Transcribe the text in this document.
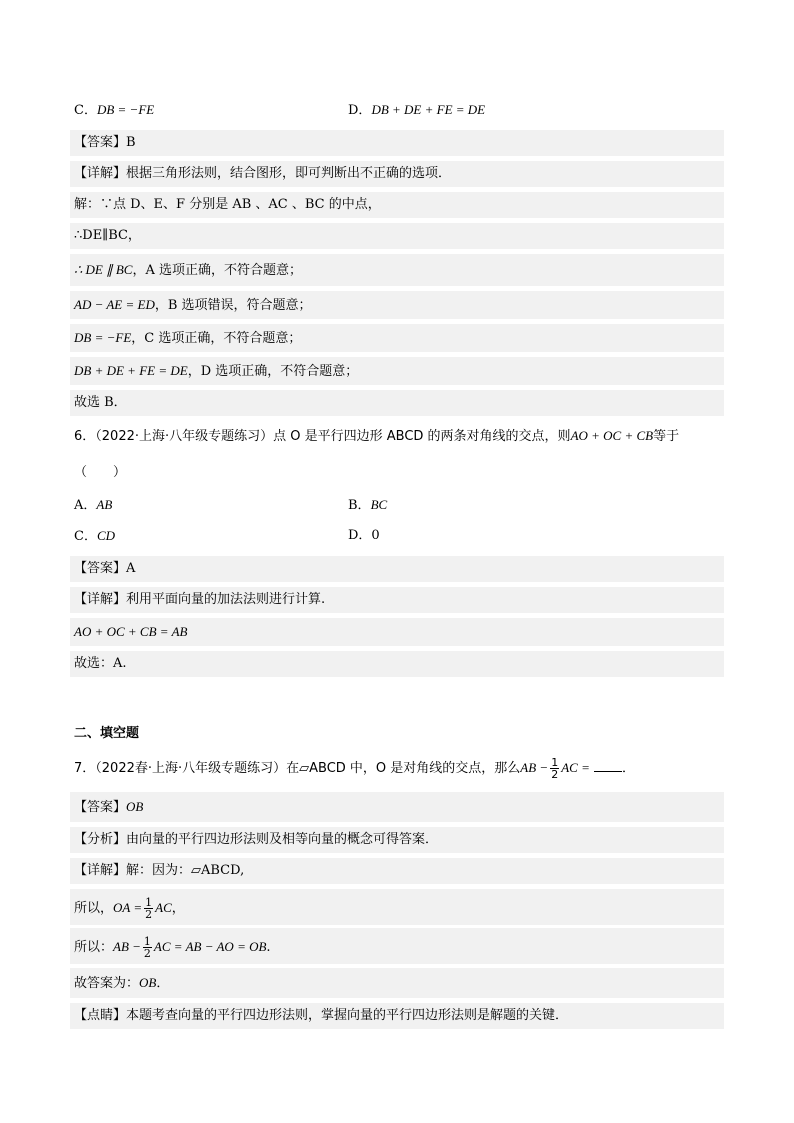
C．DB = −FE	D．DB + DE + FE = DE
【答案】B
【详解】根据三角形法则，结合图形，即可判断出不正确的选项．
解：∵点 D、E、F 分别是 AB 、AC 、BC 的中点，
∴DE∥BC，
∴ DE ∥ BC，A 选项正确，不符合题意；
AD − AE = ED，B 选项错误，符合题意；
DB = −FE，C 选项正确，不符合题意；
DB + DE + FE = DE，D 选项正确，不符合题意；
故选 B．
6．（2022·上海·八年级专题练习）点 O 是平行四边形 ABCD 的两条对角线的交点，则AO + OC + CB等于
（　　）
A．AB	B．BC
C．CD	D．0
【答案】A
【详解】利用平面向量的加法法则进行计算.
AO + OC + CB = AB
故选：A.
二、填空题
7．（2022春·上海·八年级专题练习）在▱ABCD 中，O 是对角线的交点，那么AB − $\frac{1}{2}$ AC = ．
【答案】OB
【分析】由向量的平行四边形法则及相等向量的概念可得答案．
【详解】解：因为：▱ABCD,
所以，OA = $\frac{1}{2}$ AC，
所以：AB − $\frac{1}{2}$ AC = AB − AO = OB.
故答案为：OB．
【点睛】本题考查向量的平行四边形法则，掌握向量的平行四边形法则是解题的关键．
